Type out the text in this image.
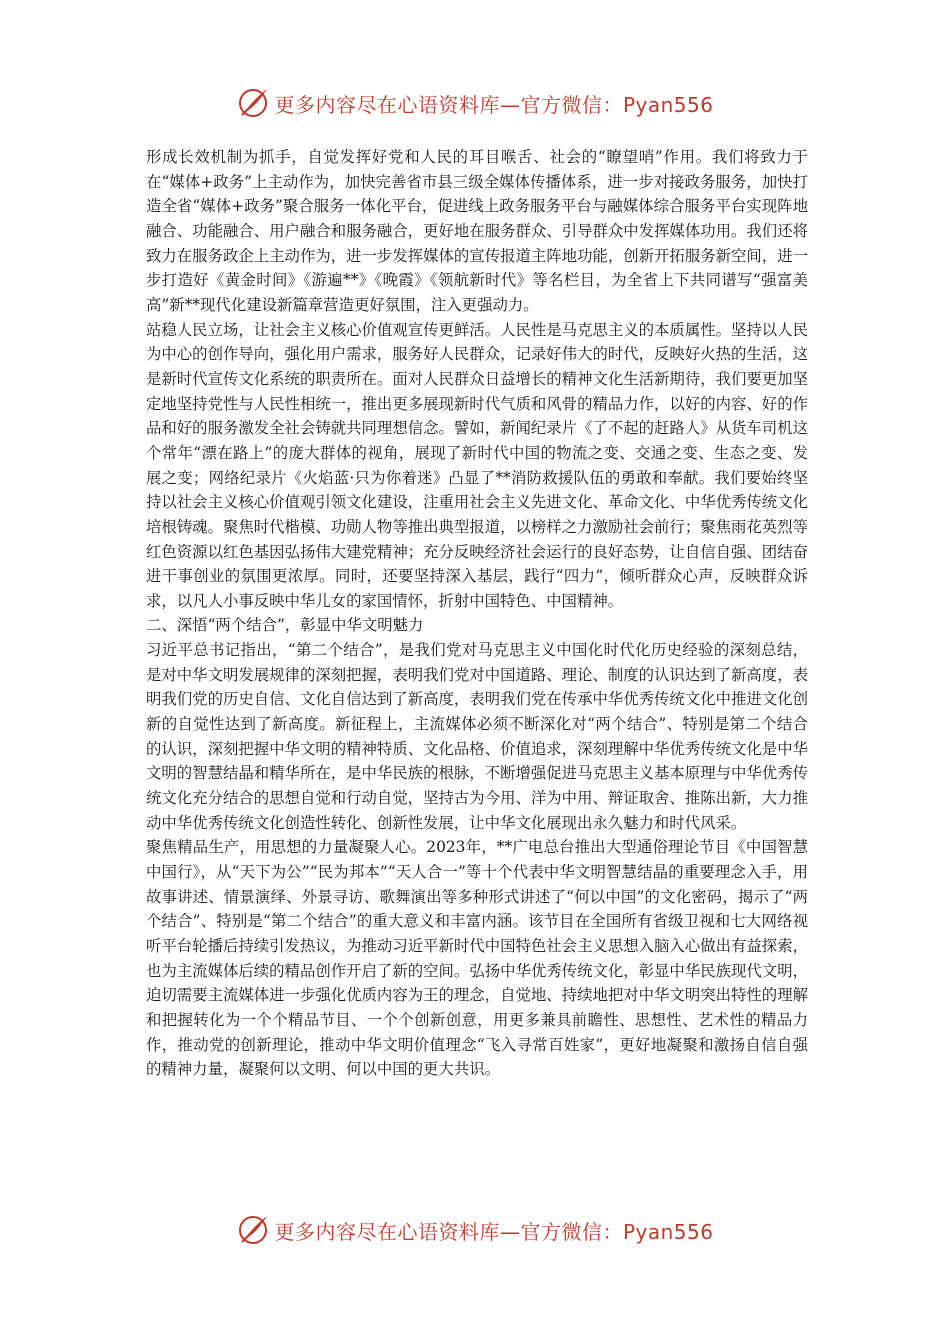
更多内容尽在心语资料库—官方微信：Pyan556

形成长效机制为抓手，自觉发挥好党和人民的耳目喉舌、社会的“瞭望哨”作用。我们将致力于在“媒体+政务”上主动作为，加快完善省市县三级全媒体传播体系，进一步对接政务服务，加快打造全省“媒体+政务”聚合服务一体化平台，促进线上政务服务平台与融媒体综合服务平台实现阵地融合、功能融合、用户融合和服务融合，更好地在服务群众、引导群众中发挥媒体功用。我们还将致力在服务政企上主动作为，进一步发挥媒体的宣传报道主阵地功能，创新开拓服务新空间，进一步打造好《黄金时间》《游遍**》《晚霞》《领航新时代》等名栏目，为全省上下共同谱写“强富美高”新**现代化建设新篇章营造更好氛围，注入更强动力。

站稳人民立场，让社会主义核心价值观宣传更鲜活。人民性是马克思主义的本质属性。坚持以人民为中心的创作导向，强化用户需求，服务好人民群众，记录好伟大的时代，反映好火热的生活，这是新时代宣传文化系统的职责所在。面对人民群众日益增长的精神文化生活新期待，我们要更加坚定地坚持党性与人民性相统一，推出更多展现新时代气质和风骨的精品力作，以好的内容、好的作品和好的服务激发全社会铸就共同理想信念。譬如，新闻纪录片《了不起的赶路人》从货车司机这个常年“漂在路上”的庞大群体的视角，展现了新时代中国的物流之变、交通之变、生态之变、发展之变；网络纪录片《火焰蓝·只为你着迷》凸显了**消防救援队伍的勇敢和奉献。我们要始终坚持以社会主义核心价值观引领文化建设，注重用社会主义先进文化、革命文化、中华优秀传统文化培根铸魂。聚焦时代楷模、功勋人物等推出典型报道，以榜样之力激励社会前行；聚焦雨花英烈等红色资源以红色基因弘扬伟大建党精神；充分反映经济社会运行的良好态势，让自信自强、团结奋进干事创业的氛围更浓厚。同时，还要坚持深入基层，践行“四力”，倾听群众心声，反映群众诉求，以凡人小事反映中华儿女的家国情怀，折射中国特色、中国精神。

二、深悟“两个结合”，彰显中华文明魅力

习近平总书记指出，“第二个结合”，是我们党对马克思主义中国化时代化历史经验的深刻总结，是对中华文明发展规律的深刻把握，表明我们党对中国道路、理论、制度的认识达到了新高度，表明我们党的历史自信、文化自信达到了新高度，表明我们党在传承中华优秀传统文化中推进文化创新的自觉性达到了新高度。新征程上，主流媒体必须不断深化对“两个结合”、特别是第二个结合的认识，深刻把握中华文明的精神特质、文化品格、价值追求，深刻理解中华优秀传统文化是中华文明的智慧结晶和精华所在，是中华民族的根脉，不断增强促进马克思主义基本原理与中华优秀传统文化充分结合的思想自觉和行动自觉，坚持古为今用、洋为中用、辩证取舍、推陈出新，大力推动中华优秀传统文化创造性转化、创新性发展，让中华文化展现出永久魅力和时代风采。

聚焦精品生产，用思想的力量凝聚人心。2023年，**广电总台推出大型通俗理论节目《中国智慧中国行》，从“天下为公”“民为邦本”“天人合一”等十个代表中华文明智慧结晶的重要理念入手，用故事讲述、情景演绎、外景寻访、歌舞演出等多种形式讲述了“何以中国”的文化密码，揭示了“两个结合”、特别是“第二个结合”的重大意义和丰富内涵。该节目在全国所有省级卫视和七大网络视听平台轮播后持续引发热议，为推动习近平新时代中国特色社会主义思想入脑入心做出有益探索，也为主流媒体后续的精品创作开启了新的空间。弘扬中华优秀传统文化，彰显中华民族现代文明，迫切需要主流媒体进一步强化优质内容为王的理念，自觉地、持续地把对中华文明突出特性的理解和把握转化为一个个精品节目、一个个创新创意，用更多兼具前瞻性、思想性、艺术性的精品力作，推动党的创新理论，推动中华文明价值理念“飞入寻常百姓家”，更好地凝聚和激扬自信自强的精神力量，凝聚何以文明、何以中国的更大共识。

更多内容尽在心语资料库—官方微信：Pyan556
